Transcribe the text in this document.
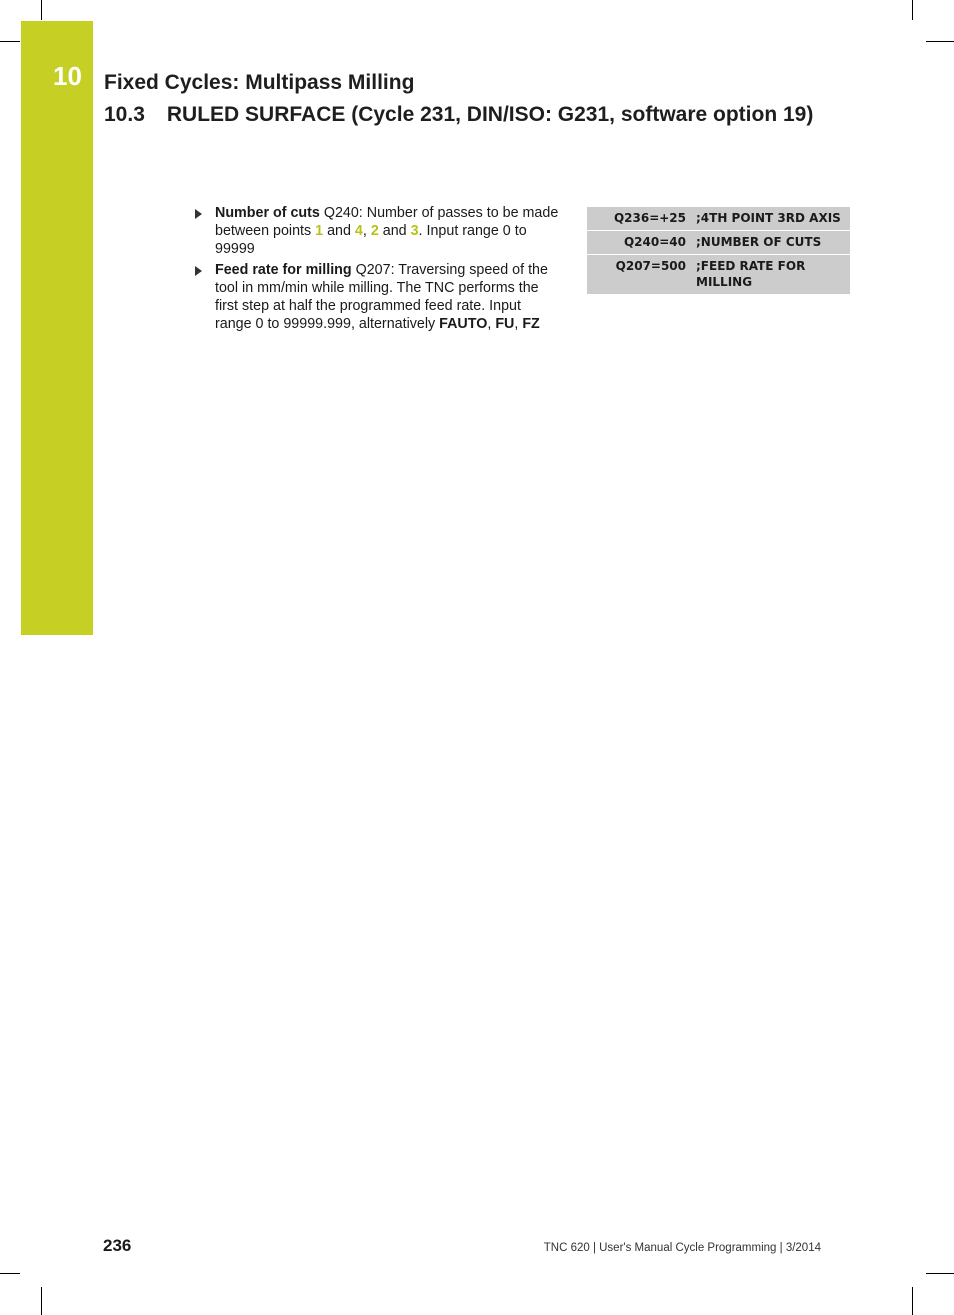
10	Fixed Cycles: Multipass Milling
10.3 RULED SURFACE (Cycle 231, DIN/ISO: G231, software option 19)
Number of cuts Q240: Number of passes to be made between points 1 and 4, 2 and 3. Input range 0 to 99999
Feed rate for milling Q207: Traversing speed of the tool in mm/min while milling. The TNC performs the first step at half the programmed feed rate. Input range 0 to 99999.999, alternatively FAUTO, FU, FZ
Q236=+25 ;4TH POINT 3RD AXIS
Q240=40 ;NUMBER OF CUTS
Q207=500 ;FEED RATE FOR MILLING
236	TNC 620 | User's Manual Cycle Programming | 3/2014
